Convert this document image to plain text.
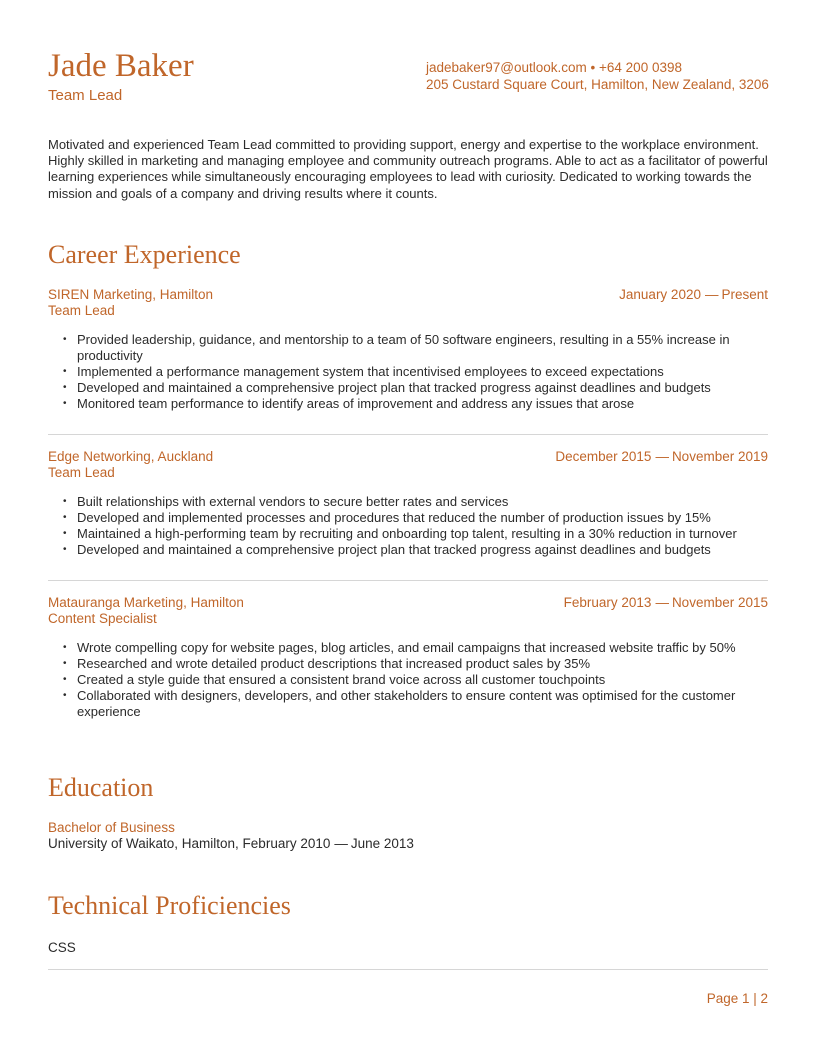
Jade Baker
Team Lead
jadebaker97@outlook.com • +64 200 0398
205 Custard Square Court, Hamilton, New Zealand, 3206
Motivated and experienced Team Lead committed to providing support, energy and expertise to the workplace environment. Highly skilled in marketing and managing employee and community outreach programs. Able to act as a facilitator of powerful learning experiences while simultaneously encouraging employees to lead with curiosity. Dedicated to working towards the mission and goals of a company and driving results where it counts.
Career Experience
SIREN Marketing, Hamilton
Team Lead
January 2020 — Present
• Provided leadership, guidance, and mentorship to a team of 50 software engineers, resulting in a 55% increase in productivity
• Implemented a performance management system that incentivised employees to exceed expectations
• Developed and maintained a comprehensive project plan that tracked progress against deadlines and budgets
• Monitored team performance to identify areas of improvement and address any issues that arose
Edge Networking, Auckland
Team Lead
December 2015 — November 2019
• Built relationships with external vendors to secure better rates and services
• Developed and implemented processes and procedures that reduced the number of production issues by 15%
• Maintained a high-performing team by recruiting and onboarding top talent, resulting in a 30% reduction in turnover
• Developed and maintained a comprehensive project plan that tracked progress against deadlines and budgets
Matauranga Marketing, Hamilton
Content Specialist
February 2013 — November 2015
• Wrote compelling copy for website pages, blog articles, and email campaigns that increased website traffic by 50%
• Researched and wrote detailed product descriptions that increased product sales by 35%
• Created a style guide that ensured a consistent brand voice across all customer touchpoints
• Collaborated with designers, developers, and other stakeholders to ensure content was optimised for the customer experience
Education
Bachelor of Business
University of Waikato, Hamilton, February 2010 — June 2013
Technical Proficiencies
CSS
Page 1 | 2
